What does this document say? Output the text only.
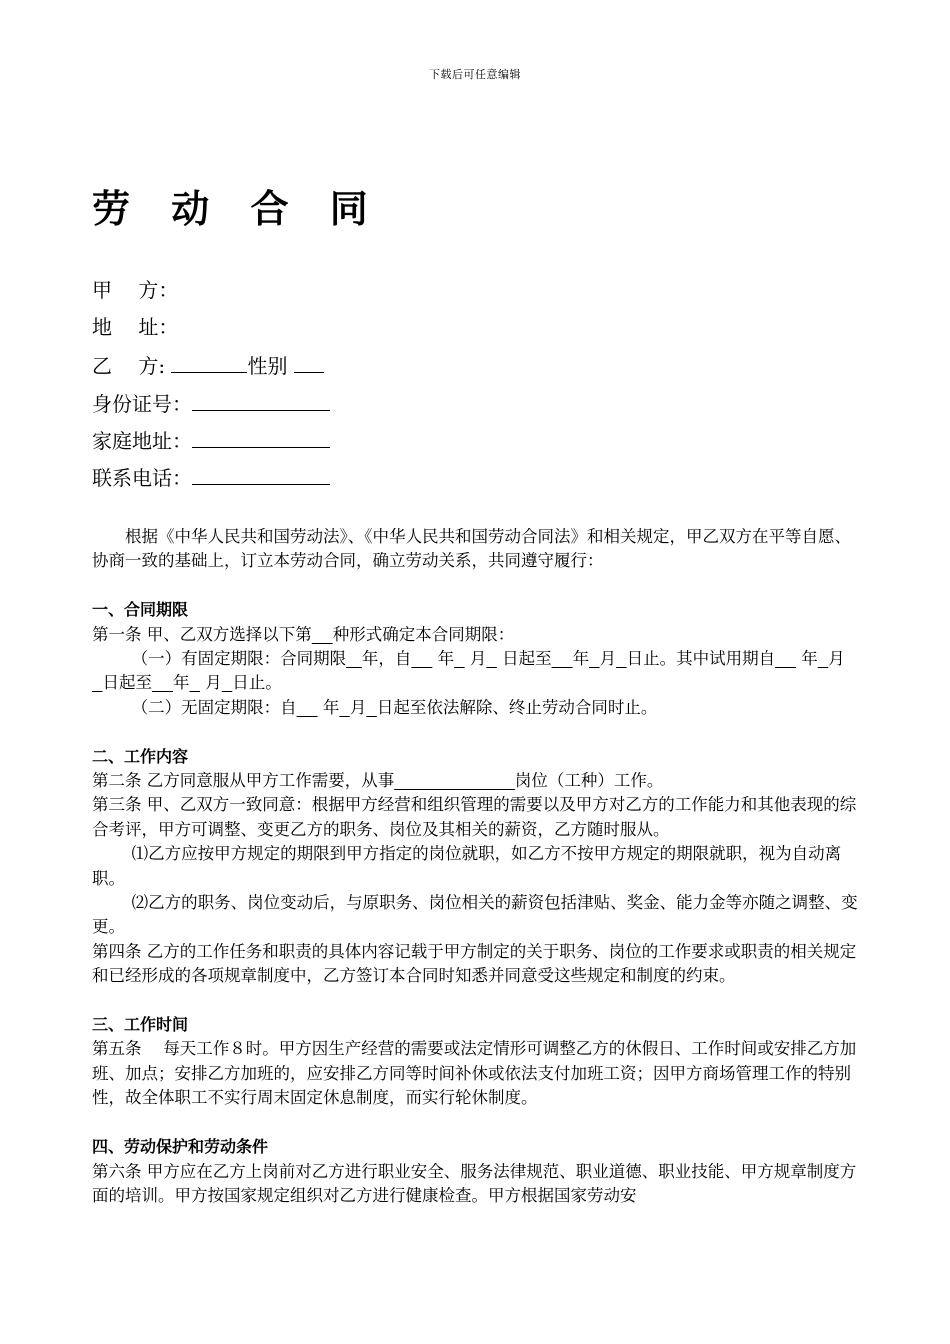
下载后可任意编辑
劳 动 合 同
甲　 方：
地　 址：
乙　 方:	性别
身份证号：
家庭地址：
联系电话：

根据《中华人民共和国劳动法》、《中华人民共和国劳动合同法》和相关规定，甲乙双方在平等自愿、协商一致的基础上，订立本劳动合同，确立劳动关系，共同遵守履行：

一、合同期限

第一条 甲、乙双方选择以下第 种形式确定本合同期限：

（一）有固定期限：合同期限 年，自     年   月   日起至 年 月 日止。其中试用期自     年 月  日起至 年   月 日止。

（二）无固定期限：自     年 月 日起至依法解除、终止劳动合同时止。

二、工作内容

第二条 乙方同意服从甲方工作需要，从事	岗位（工种）工作。

第三条 甲、乙双方一致同意：根据甲方经营和组织管理的需要以及甲方对乙方的工作能力和其他表现的综合考评，甲方可调整、变更乙方的职务、岗位及其相关的薪资，乙方随时服从。

⑴乙方应按甲方规定的期限到甲方指定的岗位就职，如乙方不按甲方规定的期限就职，视为自动离职。

⑵乙方的职务、岗位变动后，与原职务、岗位相关的薪资包括津贴、奖金、能力金等亦随之调整、变更。

第四条 乙方的工作任务和职责的具体内容记载于甲方制定的关于职务、岗位的工作要求或职责的相关规定和已经形成的各项规章制度中，乙方签订本合同时知悉并同意受这些规定和制度的约束。

三、工作时间

第五条　 每天工作８时。甲方因生产经营的需要或法定情形可调整乙方的休假日、工作时间或安排乙方加班、加点；安排乙方加班的，应安排乙方同等时间补休或依法支付加班工资；因甲方商场管理工作的特别性，故全体职工不实行周末固定休息制度，而实行轮休制度。

四、劳动保护和劳动条件

第六条 甲方应在乙方上岗前对乙方进行职业安全、服务法律规范、职业道德、职业技能、甲方规章制度方面的培训。甲方按国家规定组织对乙方进行健康检查。甲方根据国家劳动安
